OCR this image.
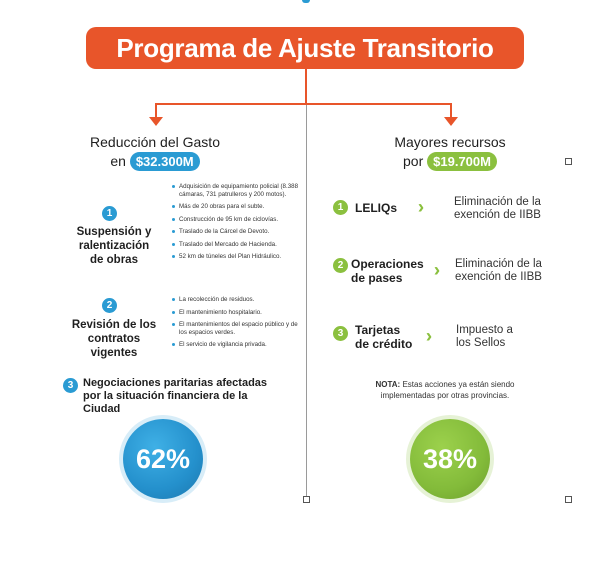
Programa de Ajuste Transitorio
Reducción del Gasto
en $32.300M
1
Suspensión y
ralentización
de obras
Adquisición de equipamiento policial (8.388 cámaras, 731 patrulleros y 200 motos).
Más de 20 obras para el subte.
Construcción de 95 km de ciclovías.
Traslado de la Cárcel de Devoto.
Traslado del Mercado de Hacienda.
52 km de túneles del Plan Hidráulico.
2
Revisión de los
contratos
vigentes
La recolección de residuos.
El mantenimiento hospitalario.
El mantenimientos del espacio público y de los espacios verdes.
El servicio de vigilancia privada.
3 Negociaciones paritarias afectadas
por la situación financiera de la
Ciudad
62%
Mayores recursos
por $19.700M
1 LELIQs	Eliminación de la
exención de IIBB
2 Operaciones
de pases
Eliminación de la
exención de IIBB
3 Tarjetas
de crédito
Impuesto a
los Sellos
NOTA: Estas acciones ya están siendo
implementadas por otras provincias.
38%
